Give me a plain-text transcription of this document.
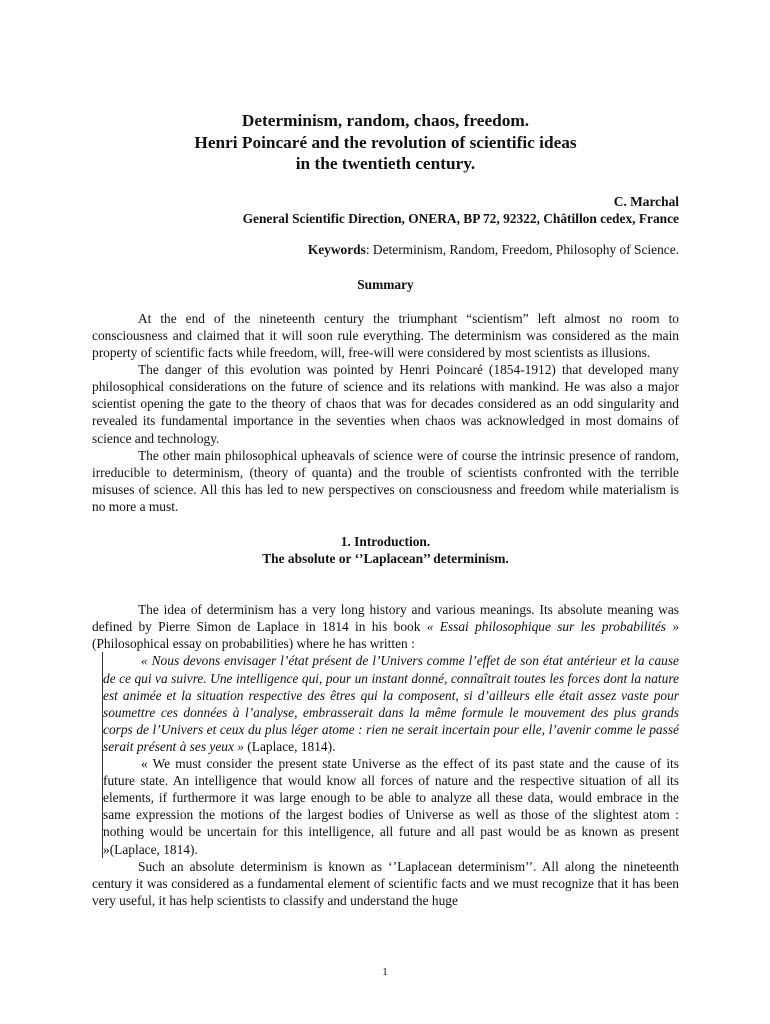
Determinism, random, chaos, freedom.
Henri Poincaré and the revolution of scientific ideas
in the twentieth century.
C. Marchal
General Scientific Direction, ONERA, BP 72, 92322, Châtillon cedex, France
Keywords: Determinism, Random, Freedom, Philosophy of Science.
Summary

At the end of the nineteenth century the triumphant “scientism” left almost no room to consciousness and claimed that it will soon rule everything. The determinism was considered as the main property of scientific facts while freedom, will, free-will were considered by most scientists as illusions.

The danger of this evolution was pointed by Henri Poincaré (1854-1912) that developed many philosophical considerations on the future of science and its relations with mankind. He was also a major scientist opening the gate to the theory of chaos that was for decades considered as an odd singularity and revealed its fundamental importance in the seventies when chaos was acknowledged in most domains of science and technology.

The other main philosophical upheavals of science were of course the intrinsic presence of random, irreducible to determinism, (theory of quanta) and the trouble of scientists confronted with the terrible misuses of science. All this has led to new perspectives on consciousness and freedom while materialism is no more a must.

1. Introduction.
The absolute or ‘’Laplacean’’ determinism.

The idea of determinism has a very long history and various meanings. Its absolute meaning was defined by Pierre Simon de Laplace in 1814 in his book « Essai philosophique sur les probabilités » (Philosophical essay on probabilities) where he has written :

« Nous devons envisager l’état présent de l’Univers comme l’effet de son état antérieur et la cause de ce qui va suivre. Une intelligence qui, pour un instant donné, connaîtrait toutes les forces dont la nature est animée et la situation respective des êtres qui la composent, si d’ailleurs elle était assez vaste pour soumettre ces données à l’analyse, embrasserait dans la même formule le mouvement des plus grands corps de l’Univers et ceux du plus léger atome : rien ne serait incertain pour elle, l’avenir comme le passé serait présent à ses yeux » (Laplace, 1814).

« We must consider the present state Universe as the effect of its past state and the cause of its future state. An intelligence that would know all forces of nature and the respective situation of all its elements, if furthermore it was large enough to be able to analyze all these data, would embrace in the same expression the motions of the largest bodies of Universe as well as those of the slightest atom : nothing would be uncertain for this intelligence, all future and all past would be as known as present »(Laplace, 1814).

Such an absolute determinism is known as ‘’Laplacean determinism’’. All along the nineteenth century it was considered as a fundamental element of scientific facts and we must recognize that it has been very useful, it has help scientists to classify and understand the huge

1
